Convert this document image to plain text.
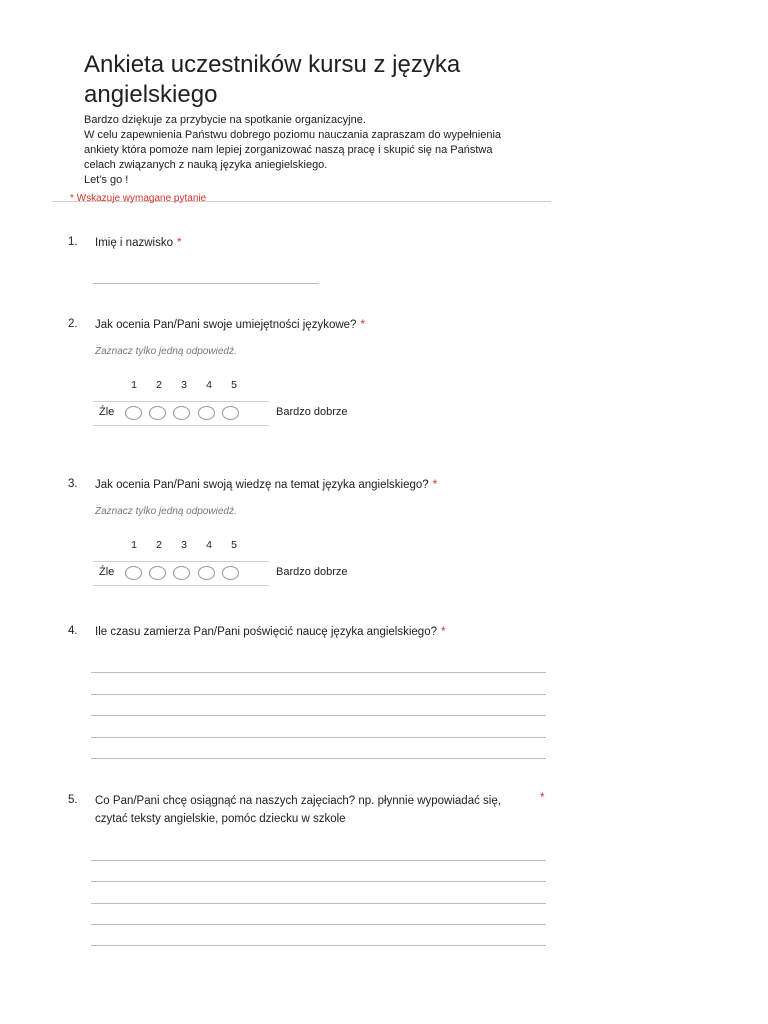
Ankieta uczestników kursu z języka
angielskiego
Bardzo dziękuje za przybycie na spotkanie organizacyjne.
W celu zapewnienia Państwu dobrego poziomu nauczania zapraszam do wypełnienia
ankiety która pomoże nam lepiej zorganizować naszą pracę i skupić się na Państwa
celach związanych z nauką języka aniegielskiego.
Let's go !
* Wskazuje wymagane pytanie
1. Imię i nazwisko *
2. Jak ocenia Pan/Pani swoje umiejętności językowe? *
Zaznacz tylko jedną odpowiedź.
1	2	3	4	5
Źle	Bardzo dobrze
3. Jak ocenia Pan/Pani swoją wiedzę na temat języka angielskiego? *
Zaznacz tylko jedną odpowiedź.
1	2	3	4	5
Źle	Bardzo dobrze
4. Ile czasu zamierza Pan/Pani poświęcić naucę języka angielskiego? *
5. Co Pan/Pani chcę osiągnąć na naszych zajęciach? np. płynnie wypowiadać się,
czytać teksty angielskie, pomóc dziecku w szkole
*
